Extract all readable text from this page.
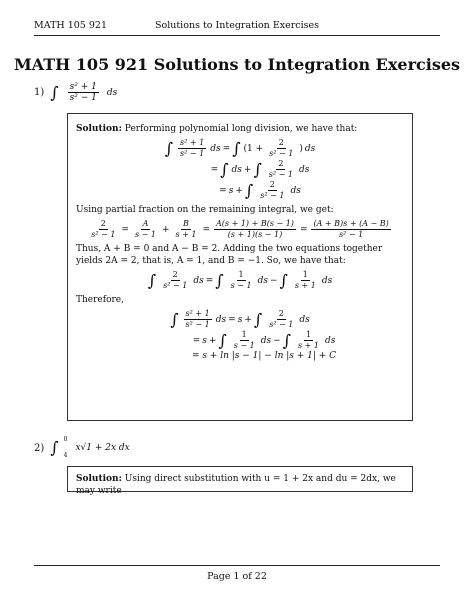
MATH 105 921	Solutions to Integration Exercises
MATH 105 921 Solutions to Integration Exercises
1) ∫ $\frac{\text{s² + 1}}{\text{s² − 1}}$ ds
Solution: Performing polynomial long division, we have that:
∫ $\frac{\text{s² + 1}}{\text{s² − 1}}$ ds = ∫ ($1 + \frac{2}{\text{s² − 1}}$ ) ds
= ∫ ds + ∫ $\frac{2}{\text{s² − 1}}$ ds
= s + ∫ $\frac{2}{\text{s² − 1}}$ ds
Using partial fraction on the remaining integral, we get:
$\frac{2}{\text{s² − 1}} = \frac{A}{s - 1} + \frac{B}{s + 1} = \frac{A(s + 1) + B(s - 1)}{(s + 1)(s - 1)} = \frac{(A + B)s + (A - B)}{\text{s² − 1}}$
Thus, A + B = 0 and A − B = 2. Adding the two equations together yields 2A = 2, that is, A = 1, and B = −1. So, we have that:
∫ $\frac{2}{\text{s² − 1}}$ ds = ∫ $\frac{1}{s - 1}$ ds − ∫ $\frac{1}{s + 1}$ ds
Therefore,
∫ $\frac{\text{s² + 1}}{\text{s² − 1}}$ ds = s + ∫ $\frac{2}{\text{s² − 1}}$ ds
= s + ∫ $\frac{1}{s - 1}$ ds − ∫ $\frac{1}{s + 1}$ ds
= s + ln |s − 1| − ln |s + 1| + C
2) ∫ 0
4
x√1 + 2x dx
Solution: Using direct substitution with u = 1 + 2x and du = 2dx, we may write
Page 1 of 22
